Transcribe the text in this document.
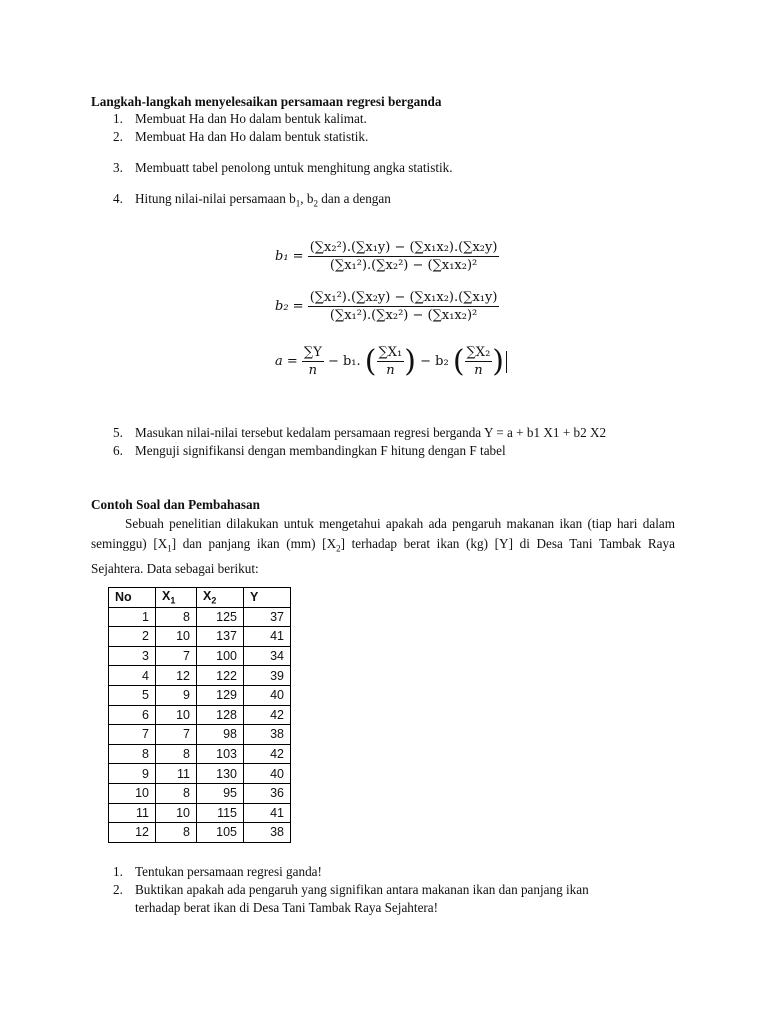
Langkah-langkah menyelesaikan persamaan regresi berganda
1. Membuat Ha dan Ho dalam bentuk kalimat.
2. Membuat Ha dan Ho dalam bentuk statistik.
3. Membuatt tabel penolong untuk menghitung angka statistik.
4. Hitung nilai-nilai persamaan $b_1$, $b_2$ dan a dengan
$b_1 = \frac{\text{(∑x₂²).(∑x₁y) − (∑x₁x₂).(∑x₂y)}}{\text{(∑x₁²).(∑x₂²) − (∑x₁x₂)²}}$
$b_2 = \frac{\text{(∑x₁²).(∑x₂y) − (∑x₁x₂).(∑x₁y)}}{\text{(∑x₁²).(∑x₂²) − (∑x₁x₂)²}}$
$a = \frac{\sum Y}{n} - b_1$. ( $\frac{\text{∑X₁}}{n}$ ) − b₂ ( $\frac{\text{∑X₂}}{n}$ )
5. Masukan nilai-nilai tersebut kedalam persamaan regresi berganda Y = a + b1 X1 + b2 X2
6. Menguji signifikansi dengan membandingkan F hitung dengan F tabel
Contoh Soal dan Pembahasan
Sebuah penelitian dilakukan untuk mengetahui apakah ada pengaruh makanan ikan (tiap hari dalam seminggu) $[X_1]$ dan panjang ikan (mm) $[X_2]$ terhadap berat ikan (kg) [Y] di Desa Tani Tambak Raya Sejahtera. Data sebagai berikut:
No	$X_1$	$X_2$	Y
1	8	125	37
2	10	137	41
3	7	100	34
4	12	122	39
5	9	129	40
6	10	128	42
7	7	98	38
8	8	103	42
9	11	130	40
10	8	95	36
11	10	115	41
12	8	105	38
1. Tentukan persamaan regresi ganda!
2. Buktikan apakah ada pengaruh yang signifikan antara makanan ikan dan panjang ikan
terhadap berat ikan di Desa Tani Tambak Raya Sejahtera!
